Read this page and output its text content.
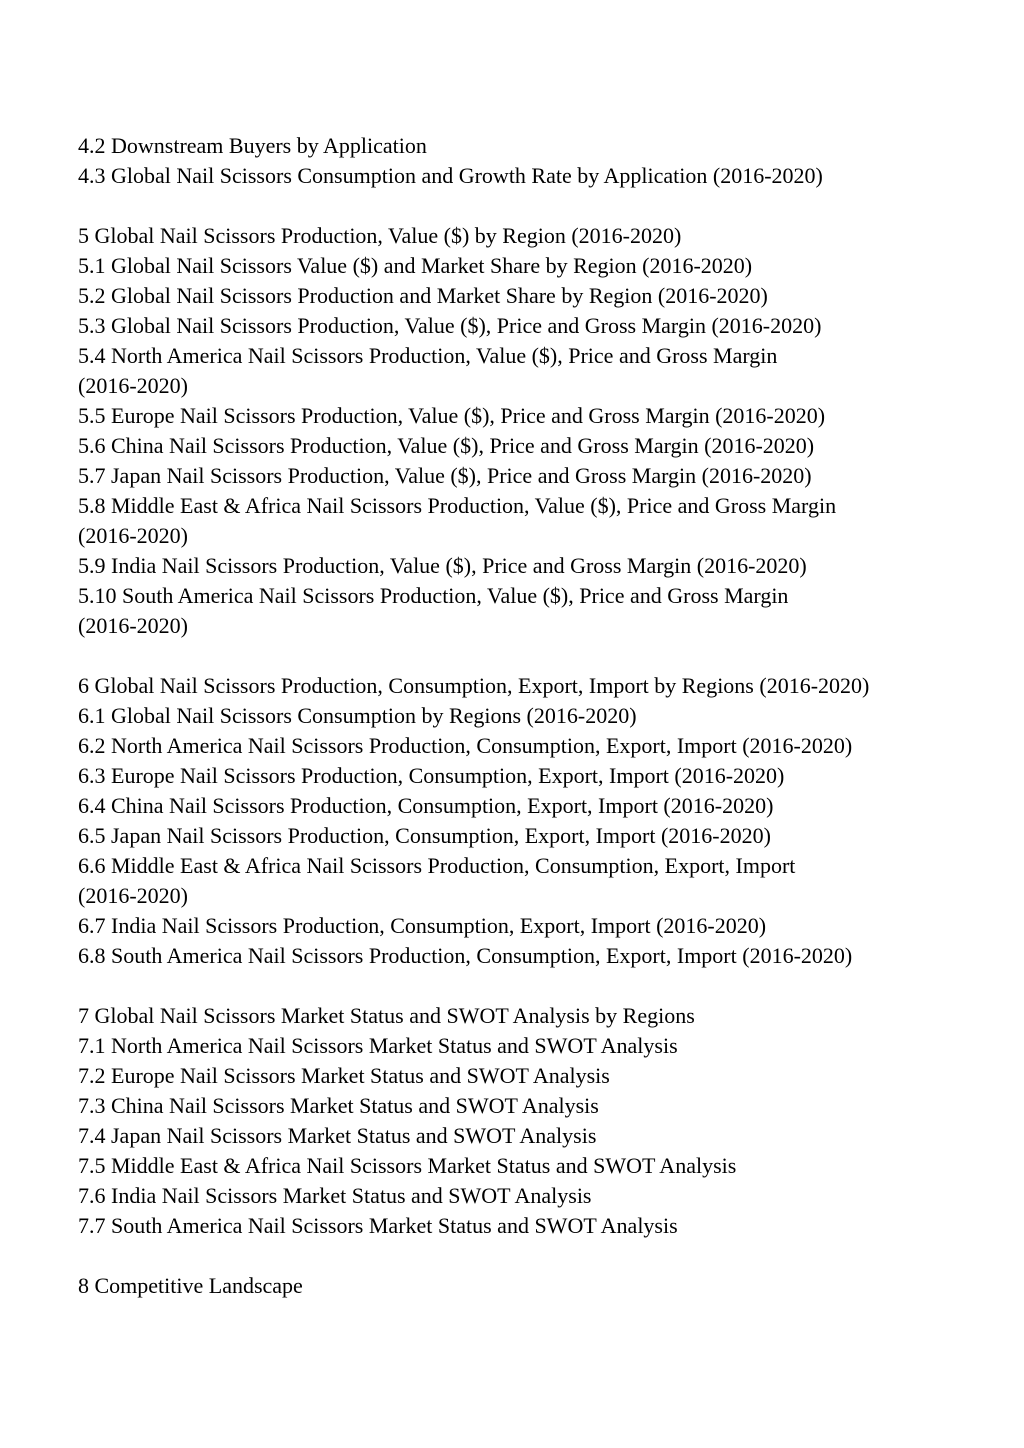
4.2 Downstream Buyers by Application
4.3 Global Nail Scissors Consumption and Growth Rate by Application (2016-2020)
5 Global Nail Scissors Production, Value ($) by Region (2016-2020)
5.1 Global Nail Scissors Value ($) and Market Share by Region (2016-2020)
5.2 Global Nail Scissors Production and Market Share by Region (2016-2020)
5.3 Global Nail Scissors Production, Value ($), Price and Gross Margin (2016-2020)
5.4 North America Nail Scissors Production, Value ($), Price and Gross Margin
(2016-2020)
5.5 Europe Nail Scissors Production, Value ($), Price and Gross Margin (2016-2020)
5.6 China Nail Scissors Production, Value ($), Price and Gross Margin (2016-2020)
5.7 Japan Nail Scissors Production, Value ($), Price and Gross Margin (2016-2020)
5.8 Middle East & Africa Nail Scissors Production, Value ($), Price and Gross Margin
(2016-2020)
5.9 India Nail Scissors Production, Value ($), Price and Gross Margin (2016-2020)
5.10 South America Nail Scissors Production, Value ($), Price and Gross Margin
(2016-2020)
6 Global Nail Scissors Production, Consumption, Export, Import by Regions (2016-2020)
6.1 Global Nail Scissors Consumption by Regions (2016-2020)
6.2 North America Nail Scissors Production, Consumption, Export, Import (2016-2020)
6.3 Europe Nail Scissors Production, Consumption, Export, Import (2016-2020)
6.4 China Nail Scissors Production, Consumption, Export, Import (2016-2020)
6.5 Japan Nail Scissors Production, Consumption, Export, Import (2016-2020)
6.6 Middle East & Africa Nail Scissors Production, Consumption, Export, Import
(2016-2020)
6.7 India Nail Scissors Production, Consumption, Export, Import (2016-2020)
6.8 South America Nail Scissors Production, Consumption, Export, Import (2016-2020)
7 Global Nail Scissors Market Status and SWOT Analysis by Regions
7.1 North America Nail Scissors Market Status and SWOT Analysis
7.2 Europe Nail Scissors Market Status and SWOT Analysis
7.3 China Nail Scissors Market Status and SWOT Analysis
7.4 Japan Nail Scissors Market Status and SWOT Analysis
7.5 Middle East & Africa Nail Scissors Market Status and SWOT Analysis
7.6 India Nail Scissors Market Status and SWOT Analysis
7.7 South America Nail Scissors Market Status and SWOT Analysis
8 Competitive Landscape
